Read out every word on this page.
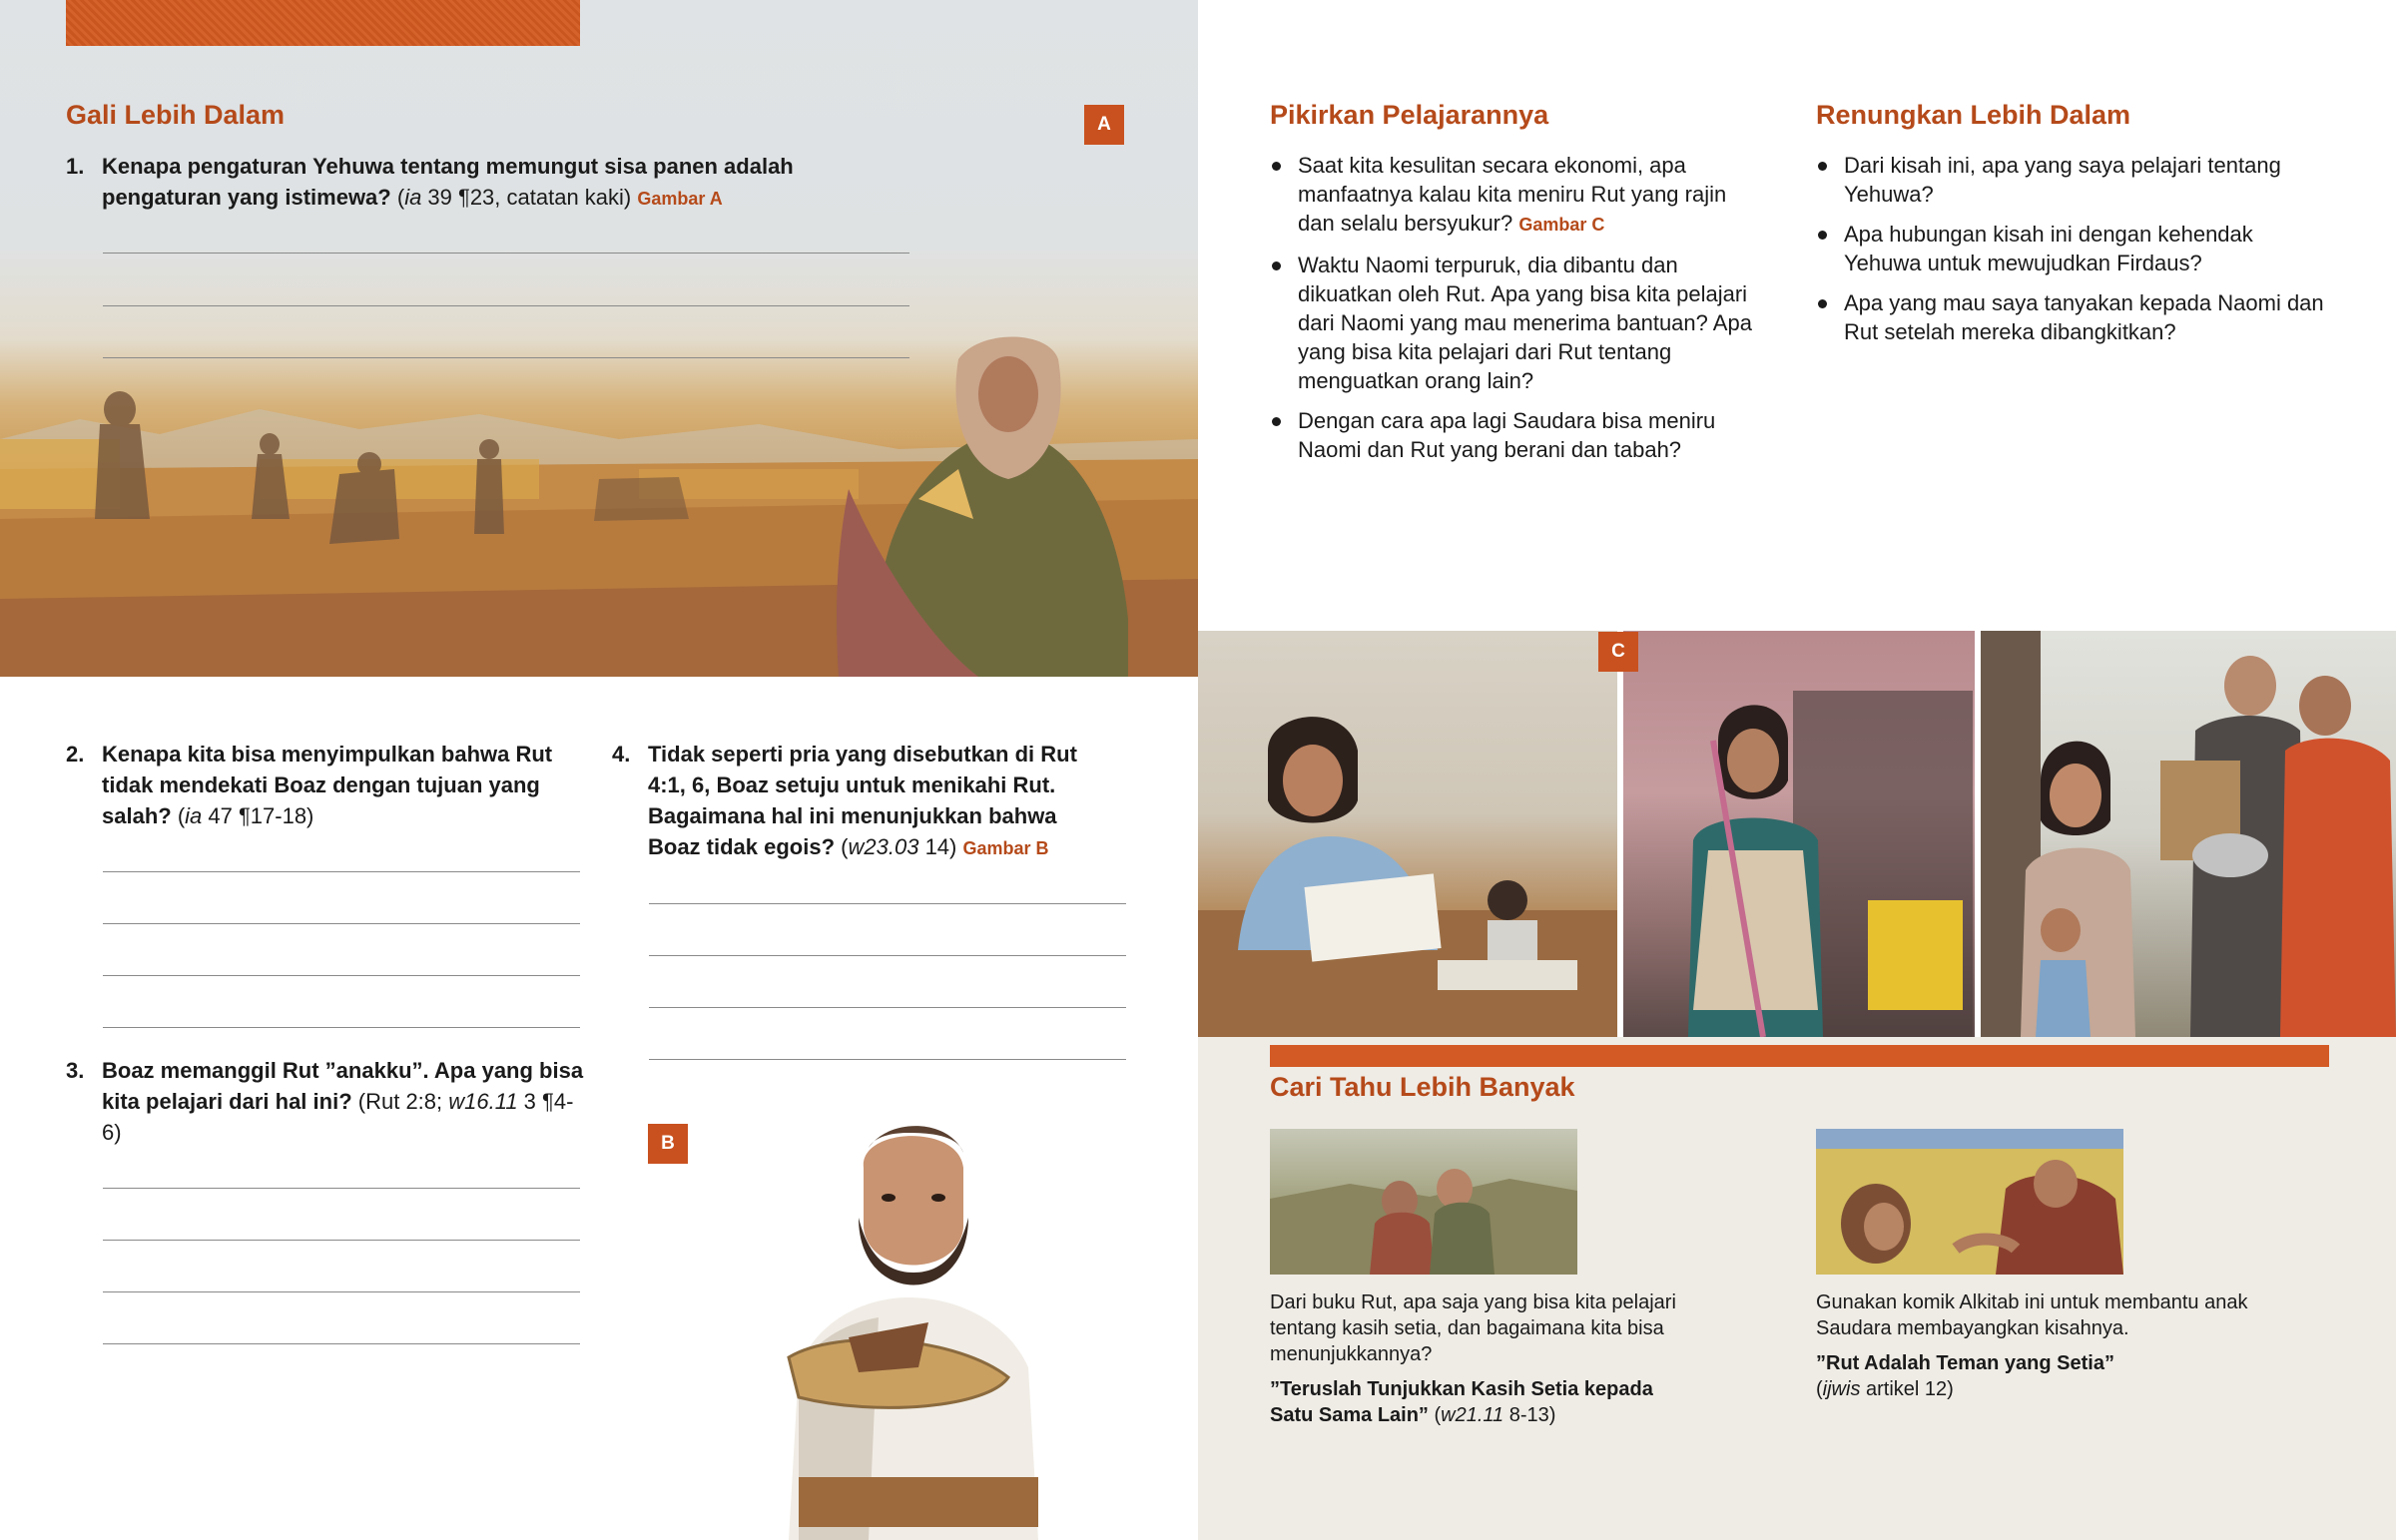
Gali Lebih Dalam	A
1. Kenapa pengaturan Yehuwa tentang memungut sisa panen adalah pengaturan yang istimewa? (ia 39 ¶23, catatan kaki) Gambar A
2. Kenapa kita bisa menyimpulkan bahwa Rut tidak mendekati Boaz dengan tujuan yang salah? (ia 47 ¶17-18)
3. Boaz memanggil Rut ”anakku”. Apa yang bisa kita pelajari dari hal ini? (Rut 2:8; w16.11 3 ¶4-6)
4. Tidak seperti pria yang disebutkan di Rut 4:1, 6, Boaz setuju untuk menikahi Rut. Bagaimana hal ini menunjukkan bahwa Boaz tidak egois? (w23.03 14) Gambar B
B
Pikirkan Pelajarannya
Saat kita kesulitan secara ekonomi, apa manfaatnya kalau kita meniru Rut yang rajin dan selalu bersyukur? Gambar C
Waktu Naomi terpuruk, dia dibantu dan dikuatkan oleh Rut. Apa yang bisa kita pelajari dari Naomi yang mau menerima bantuan? Apa yang bisa kita pelajari dari Rut tentang menguatkan orang lain?
Dengan cara apa lagi Saudara bisa meniru Naomi dan Rut yang berani dan tabah?
Renungkan Lebih Dalam
Dari kisah ini, apa yang saya pelajari tentang Yehuwa?
Apa hubungan kisah ini dengan kehendak Yehuwa untuk mewujudkan Firdaus?
Apa yang mau saya tanyakan kepada Naomi dan Rut setelah mereka dibangkitkan?
C
Cari Tahu Lebih Banyak
Dari buku Rut, apa saja yang bisa kita pelajari tentang kasih setia, dan bagaimana kita bisa menunjukkannya?
”Teruslah Tunjukkan Kasih Setia kepada Satu Sama Lain” (w21.11 8-13)
Gunakan komik Alkitab ini untuk membantu anak Saudara membayangkan kisahnya.
”Rut Adalah Teman yang Setia”
(ijwis artikel 12)
